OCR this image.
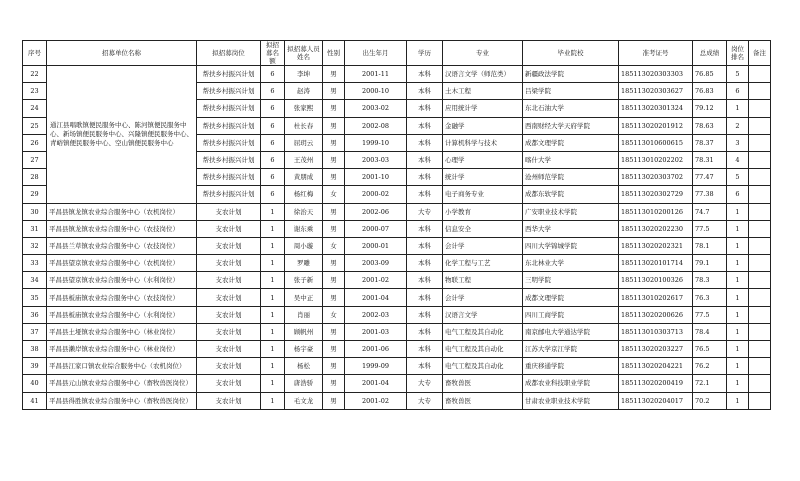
序号	招募单位名称	拟招募岗位	拟招募名额	拟招募人员姓名	性别	出生年月	学历	专业	毕业院校	准考证号	总成绩	岗位排名	备注
22	通江县唱歌镇便民服务中心、陈河镇便民服务中心、新场镇便民服务中心、兴隆镇便民服务中心、青峪镇便民服务中心、空山镇便民服务中心	帮扶乡村振兴计划	6	李坤	男	2001-11	本科	汉语言文学（师范类）	新疆政法学院	185113020303303	76.85	5	
23		帮扶乡村振兴计划	6	赵涛	男	2000-10	本科	土木工程	吕梁学院	185113020303627	76.83	6	
24		帮扶乡村振兴计划	6	张家熙	男	2003-02	本科	应用统计学	东北石油大学	185113020301324	79.12	1	
25		帮扶乡村振兴计划	6	杜长春	男	2002-08	本科	金融学	西南财经大学天府学院	185113020201912	78.63	2	
26		帮扶乡村振兴计划	6	屈玥云	男	1999-10	本科	计算机科学与技术	成都文理学院	185113010600615	78.37	3	
27		帮扶乡村振兴计划	6	王茂州	男	2003-03	本科	心理学	喀什大学	185113010202202	78.31	4	
28		帮扶乡村振兴计划	6	黄朋成	男	2001-10	本科	统计学	沧州师范学院	185113020303702	77.47	5	
29		帮扶乡村振兴计划	6	杨红梅	女	2000-02	本科	电子商务专业	成都东软学院	185113020302729	77.38	6	
30	平昌县镇龙镇农业综合服务中心（农机岗位）	支农计划	1	徐治天	男	2002-06	大专	小学教育	广安职业技术学院	185113010200126	74.7	1	
31	平昌县镇龙镇农业综合服务中心（农技岗位）	支农计划	1	谢东乘	男	2000-07	本科	信息安全	西华大学	185113020202230	77.5	1	
32	平昌县兰草镇农业综合服务中心（农技岗位）	支农计划	1	周小璇	女	2000-01	本科	会计学	四川大学锦城学院	185113020202321	78.1	1	
33	平昌县望京镇农业综合服务中心（农机岗位）	支农计划	1	罗雕	男	2003-09	本科	化学工程与工艺	东北林业大学	185113020101714	79.1	1	
34	平昌县望京镇农业综合服务中心（水利岗位）	支农计划	1	张子新	男	2001-02	本科	物联工程	三明学院	185113020100326	78.3	1	
35	平昌县板庙镇农业综合服务中心（农技岗位）	支农计划	1	吴中正	男	2001-04	本科	会计学	成都文理学院	185113010202617	76.3	1	
36	平昌县板庙镇农业综合服务中心（水利岗位）	支农计划	1	肖丽	女	2002-03	本科	汉语言文学	四川工商学院	185113020200626	77.5	1	
37	平昌县土垭镇农业综合服务中心（林业岗位）	支农计划	1	顾帆州	男	2001-03	本科	电气工程及其自动化	南京邮电大学通达学院	185113010303713	78.4	1	
38	平昌县濑岸镇农业综合服务中心（林业岗位）	支农计划	1	杨宇豪	男	2001-06	本科	电气工程及其自动化	江苏大学京江学院	185113020203227	76.5	1	
39	平昌县江家口镇农业综合服务中心（农机岗位）	支农计划	1	杨松	男	1999-09	本科	电气工程及其自动化	重庆移通学院	185113020204221	76.2	1	
40	平昌县元山镇农业综合服务中心（畜牧兽医岗位）	支农计划	1	唐浩骄	男	2001-04	大专	畜牧兽医	成都农业科技职业学院	185113020200419	72.1	1	
41	平昌县得胜镇农业综合服务中心（畜牧兽医岗位）	支农计划	1	毛文龙	男	2001-02	大专	畜牧兽医	甘肃农业职业技术学院	185113020204017	70.2	1	
